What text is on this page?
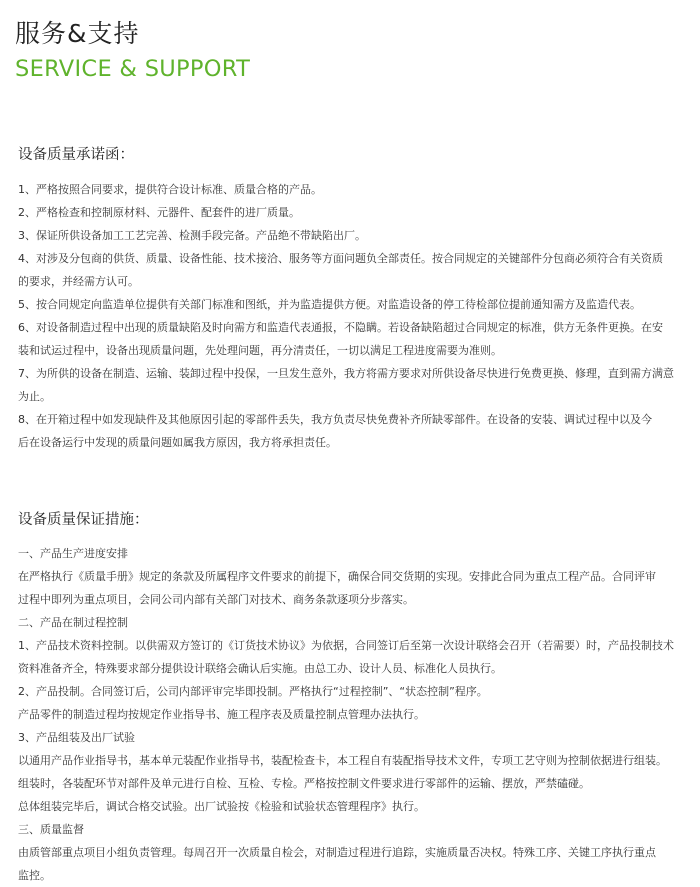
服务&支持
SERVICE & SUPPORT
设备质量承诺函：
1、严格按照合同要求，提供符合设计标准、质量合格的产品。
2、严格检查和控制原材料、元器件、配套件的进厂质量。
3、保证所供设备加工工艺完善、检测手段完备。产品绝不带缺陷出厂。
4、对涉及分包商的供货、质量、设备性能、技术接洽、服务等方面问题负全部责任。按合同规定的关键部件分包商必须符合有关资质
的要求，并经需方认可。
5、按合同规定向监造单位提供有关部门标准和图纸，并为监造提供方便。对监造设备的停工待检部位提前通知需方及监造代表。
6、对设备制造过程中出现的质量缺陷及时向需方和监造代表通报，不隐瞒。若设备缺陷超过合同规定的标准，供方无条件更换。在安
装和试运过程中，设备出现质量问题，先处理问题，再分清责任，一切以满足工程进度需要为准则。
7、为所供的设备在制造、运输、装卸过程中投保，一旦发生意外，我方将需方要求对所供设备尽快进行免费更换、修理，直到需方满意
为止。
8、在开箱过程中如发现缺件及其他原因引起的零部件丢失，我方负责尽快免费补齐所缺零部件。在设备的安装、调试过程中以及今
后在设备运行中发现的质量问题如属我方原因，我方将承担责任。
设备质量保证措施：
一、产品生产进度安排
在严格执行《质量手册》规定的条款及所属程序文件要求的前提下，确保合同交货期的实现。安排此合同为重点工程产品。合同评审
过程中即列为重点项目，会同公司内部有关部门对技术、商务条款逐项分步落实。
二、产品在制过程控制
1、产品技术资料控制。以供需双方签订的《订货技术协议》为依据，合同签订后至第一次设计联络会召开（若需要）时，产品投制技术
资料准备齐全，特殊要求部分提供设计联络会确认后实施。由总工办、设计人员、标准化人员执行。
2、产品投制。合同签订后，公司内部评审完毕即投制。严格执行“过程控制”、“状态控制”程序。
产品零件的制造过程均按规定作业指导书、施工程序表及质量控制点管理办法执行。
3、产品组装及出厂试验
以通用产品作业指导书，基本单元装配作业指导书，装配检查卡，本工程自有装配指导技术文件，专项工艺守则为控制依据进行组装。
组装时，各装配环节对部件及单元进行自检、互检、专检。严格按控制文件要求进行零部件的运输、摆放，严禁磕碰。
总体组装完毕后，调试合格交试验。出厂试验按《检验和试验状态管理程序》执行。
三、质量监督
由质管部重点项目小组负责管理。每周召开一次质量自检会，对制造过程进行追踪，实施质量否决权。特殊工序、关键工序执行重点
监控。
